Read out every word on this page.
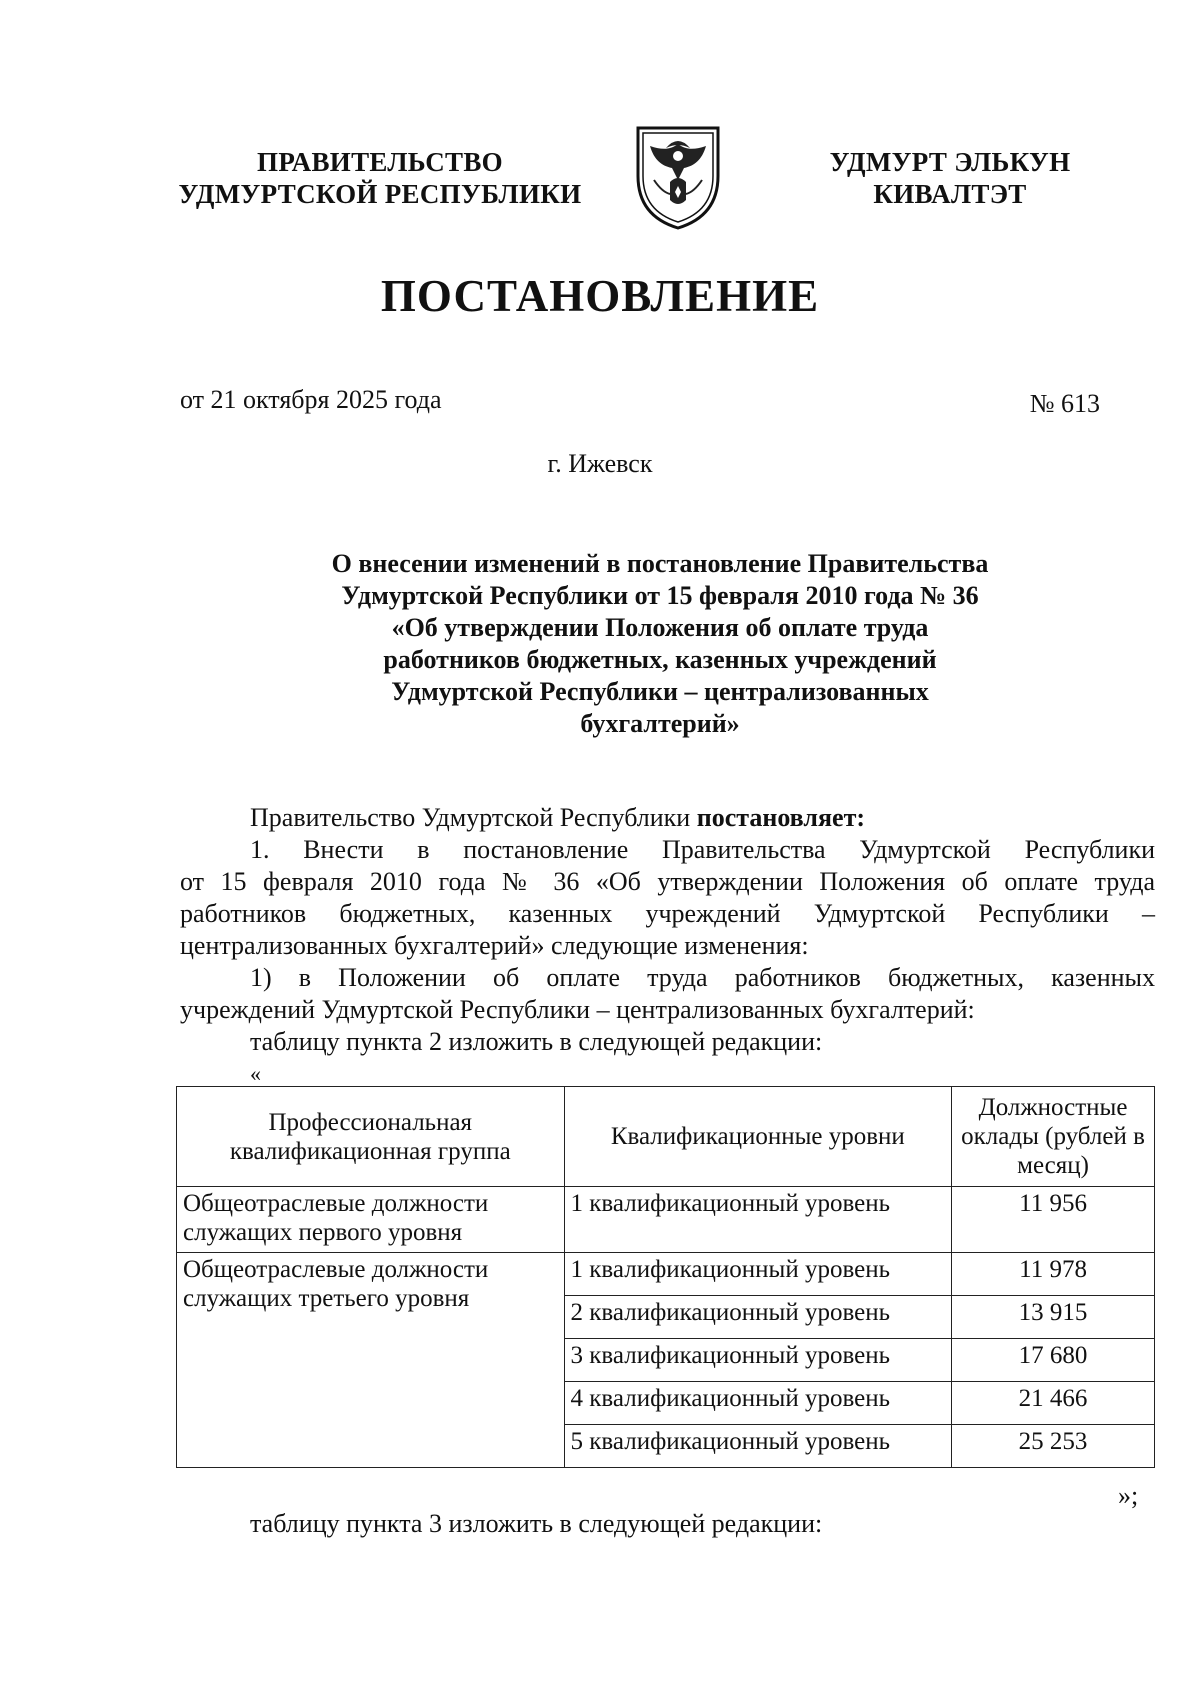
ПРАВИТЕЛЬСТВО
УДМУРТСКОЙ РЕСПУБЛИКИ
УДМУРТ ЭЛЬКУН
КИВАЛТЭТ
ПОСТАНОВЛЕНИЕ
от 21 октября 2025 года	№ 613
г. Ижевск
О внесении изменений в постановление Правительства
Удмуртской Республики от 15 февраля 2010 года № 36
«Об утверждении Положения об оплате труда
работников бюджетных, казенных учреждений
Удмуртской Республики – централизованных
бухгалтерий»
Правительство Удмуртской Республики постановляет:
1. Внести в постановление Правительства Удмуртской Республики
от 15 февраля 2010 года № 36 «Об утверждении Положения об оплате труда
работников бюджетных, казенных учреждений Удмуртской Республики –
централизованных бухгалтерий» следующие изменения:
1) в Положении об оплате труда работников бюджетных, казенных
учреждений Удмуртской Республики – централизованных бухгалтерий:
таблицу пункта 2 изложить в следующей редакции:
«
Профессиональная квалификационная группа	Квалификационные уровни	Должностные оклады (рублей в месяц)
Общеотраслевые должности служащих первого уровня	1 квалификационный уровень	11 956
Общеотраслевые должности служащих третьего уровня	1 квалификационный уровень	11 978
	2 квалификационный уровень	13 915
	3 квалификационный уровень	17 680
	4 квалификационный уровень	21 466
	5 квалификационный уровень	25 253
»;
таблицу пункта 3 изложить в следующей редакции:
